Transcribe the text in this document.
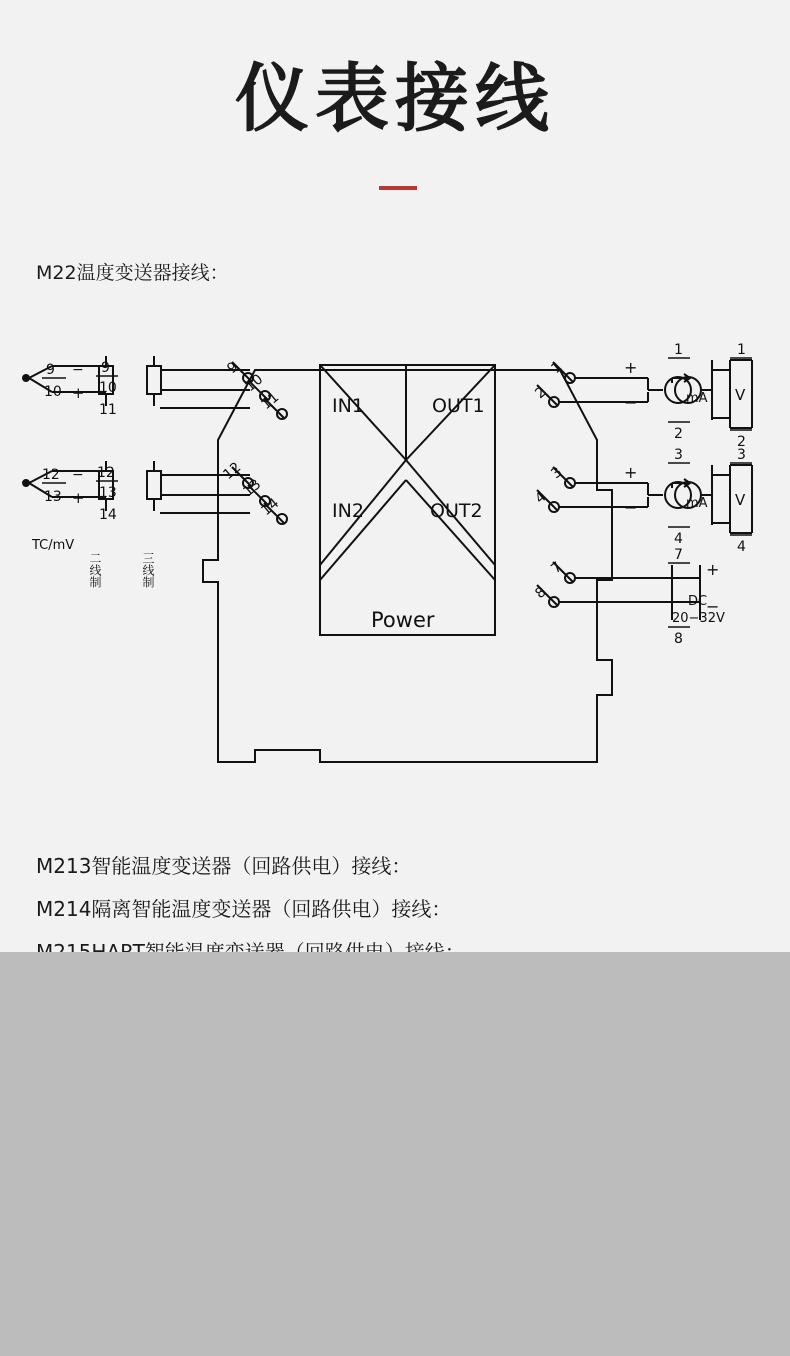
仪表接线
M22温度变送器接线：
IN1	OUT1
IN2	OUT2
Power
9
10
11
12
13
14
1
2
3
4
7
8
9
10
−
+
9
10
11
12
13
−
+
12
13
14
TC/mV
二线制	三线制
1
2
+
−	mA
1
2
V
3
4
+
−	mA
3
4
V
7
8
+
−
DC
20−32V
M213智能温度变送器（回路供电）接线：
M214隔离智能温度变送器（回路供电）接线：
